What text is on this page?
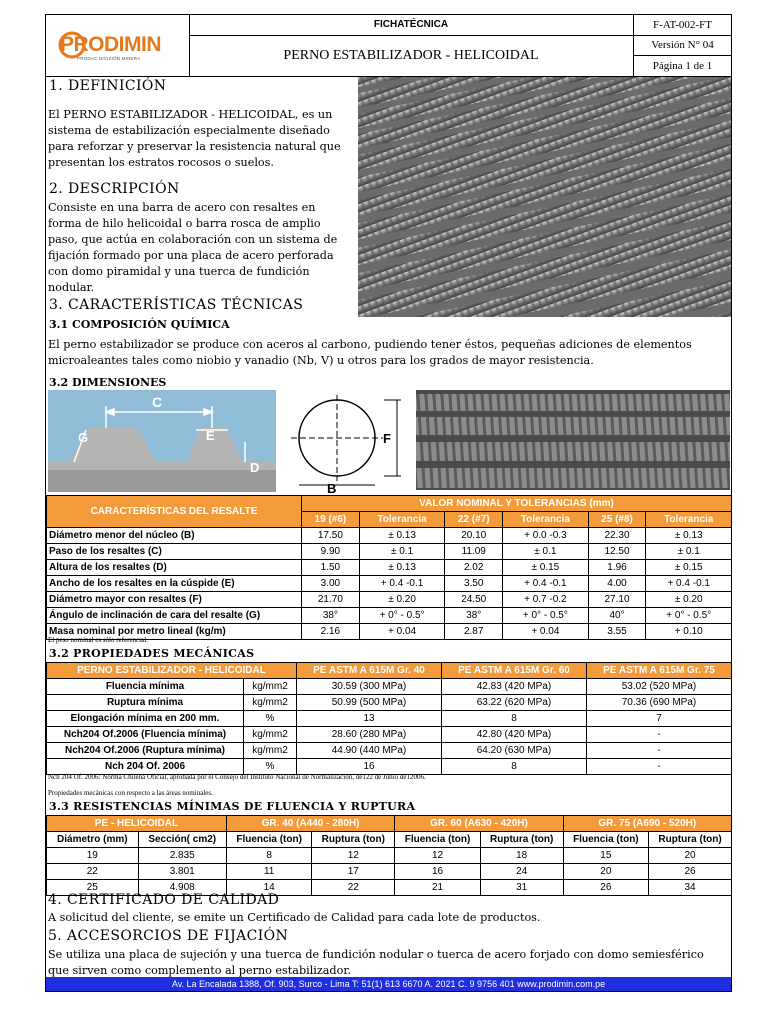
PRODIMIN
PRODAC DIVISIÓN MINERA
FICHATÉCNICA
PERNO ESTABILIZADOR - HELICOIDAL
F-AT-002-FT
Versión N° 04
Página 1 de 1
1. DEFINICIÓN
El PERNO ESTABILIZADOR - HELICOIDAL, es un
sistema de estabilización especialmente diseñado
para reforzar y preservar la resistencia natural que
presentan los estratos rocosos o suelos.
2. DESCRIPCIÓN
Consiste en una barra de acero con resaltes en
forma de hilo helicoidal o barra rosca de amplio
paso, que actúa en colaboración con un sistema de
fijación formado por una placa de acero perforada
con domo piramidal y una tuerca de fundición
nodular.
3. CARACTERÍSTICAS TÉCNICAS
3.1 COMPOSICIÓN QUÍMICA
El perno estabilizador se produce con aceros al carbono, pudiendo tener éstos, pequeñas adiciones de elementos
microaleantes tales como niobio y vanadio (Nb, V) u otros para los grados de mayor resistencia.
3.2 DIMENSIONES
C
G	E
D
B
F
CARACTERÍSTICAS DEL RESALTE	VALOR NOMINAL Y TOLERANCIAS (mm)					
	19 (#6)	Tolerancia	22 (#7)	Tolerancia	25 (#8)	Tolerancia
Diámetro menor del núcleo (B)	17.50	± 0.13	20.10	+ 0.0 -0.3	22.30	± 0.13
Paso de los resaltes (C)	9.90	± 0.1	11.09	± 0.1	12.50	± 0.1
Altura de los resaltes (D)	1.50	± 0.13	2.02	± 0.15	1.96	± 0.15
Ancho de los resaltes en la cúspide (E)	3.00	+ 0.4 -0.1	3.50	+ 0.4 -0.1	4.00	+ 0.4 -0.1
Diámetro mayor con resaltes (F)	21.70	± 0.20	24.50	+ 0.7 -0.2	27.10	± 0.20
Ángulo de inclinación de cara del resalte (G)	38°	+ 0° - 0.5°	38°	+ 0° - 0.5°	40°	+ 0° - 0.5°
Masa nominal por metro lineal (kg/m)	2.16	+ 0.04	2.87	+ 0.04	3.55	+ 0.10
El peso nominal es sólo referencial.
3.2 PROPIEDADES MECÁNICAS
PERNO ESTABILIZADOR - HELICOIDAL		PE ASTM A 615M Gr. 40	PE ASTM A 615M Gr. 60	PE ASTM A 615M Gr. 75
Fluencia mínima	kg/mm2	30.59 (300 MPa)	42.83 (420 MPa)	53.02 (520 MPa)
Ruptura mínima	kg/mm2	50.99 (500 MPa)	63.22 (620 MPa)	70.36 (690 MPa)
Elongación mínima en 200 mm.	%	13	8	7
Nch204 Of.2006 (Fluencia mínima)	kg/mm2	28.60 (280 MPa)	42.80 (420 MPa)	-
Nch204 Of.2006 (Ruptura mínima)	kg/mm2	44.90 (440 MPa)	64.20 (630 MPa)	-
Nch 204 Of. 2006	%	16	8	-
Nch 204 Of. 2006: Norma Chilena Oficial, aprobada por el Consejo del Instituto Nacional de Normalización, de122 de Junio de12006.
Propiedades mecánicas con respecto a las áreas nominales.
3.3 RESISTENCIAS MÍNIMAS DE FLUENCIA Y RUPTURA
PE - HELICOIDAL		GR. 40 (A440 - 280H)		GR. 60 (A630 - 420H)		GR. 75 (A690 - 520H)	
Diámetro (mm)	Sección( cm2)	Fluencia (ton)	Ruptura (ton)	Fluencia (ton)	Ruptura (ton)	Fluencia (ton)	Ruptura (ton)
19	2.835	8	12	12	18	15	20
22	3.801	11	17	16	24	20	26
25	4.908	14	22	21	31	26	34
4. CERTIFICADO DE CALIDAD
A solicitud del cliente, se emite un Certificado de Calidad para cada lote de productos.
5. ACCESORCIOS DE FIJACIÓN
Se utiliza una placa de sujeción y una tuerca de fundición nodular o tuerca de acero forjado con domo semiesférico
que sirven como complemento al perno estabilizador.
Av. La Encalada 1388, Of. 903, Surco - Lima T: 51(1) 613 6670 A. 2021 C. 9 9756 401 www.prodimin.com.pe
